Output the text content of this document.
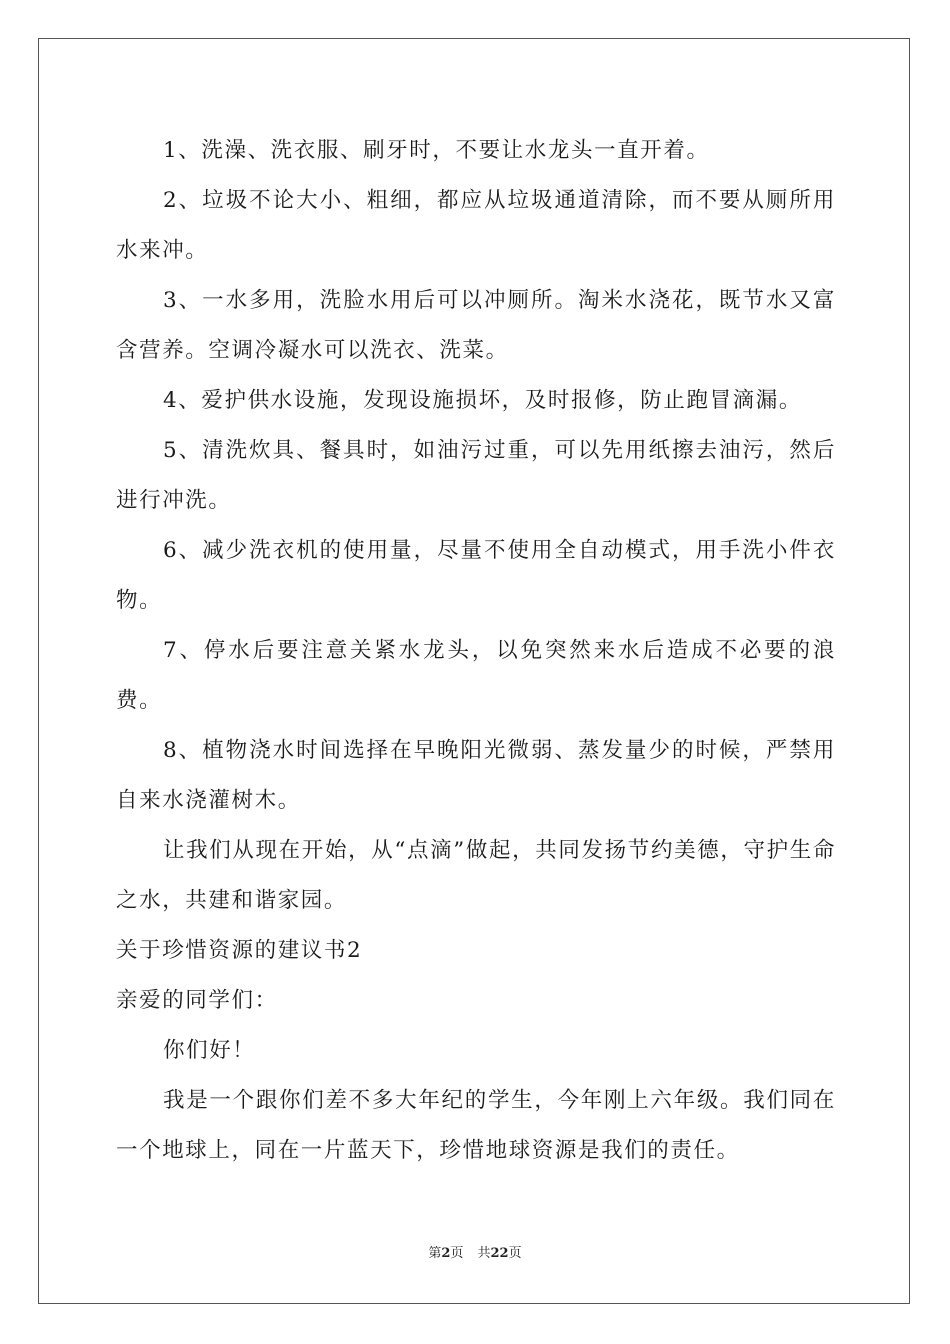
1、洗澡、洗衣服、刷牙时，不要让水龙头一直开着。

2、垃圾不论大小、粗细，都应从垃圾通道清除，而不要从厕所用水来冲。

3、一水多用，洗脸水用后可以冲厕所。淘米水浇花，既节水又富含营养。空调冷凝水可以洗衣、洗菜。

4、爱护供水设施，发现设施损坏，及时报修，防止跑冒滴漏。

5、清洗炊具、餐具时，如油污过重，可以先用纸擦去油污，然后进行冲洗。

6、减少洗衣机的使用量，尽量不使用全自动模式，用手洗小件衣物。

7、停水后要注意关紧水龙头，以免突然来水后造成不必要的浪费。

8、植物浇水时间选择在早晚阳光微弱、蒸发量少的时候，严禁用自来水浇灌树木。

让我们从现在开始，从“点滴”做起，共同发扬节约美德，守护生命之水，共建和谐家园。

关于珍惜资源的建议书2

亲爱的同学们：

你们好！

我是一个跟你们差不多大年纪的学生，今年刚上六年级。我们同在一个地球上，同在一片蓝天下，珍惜地球资源是我们的责任。

第2页 共22页
